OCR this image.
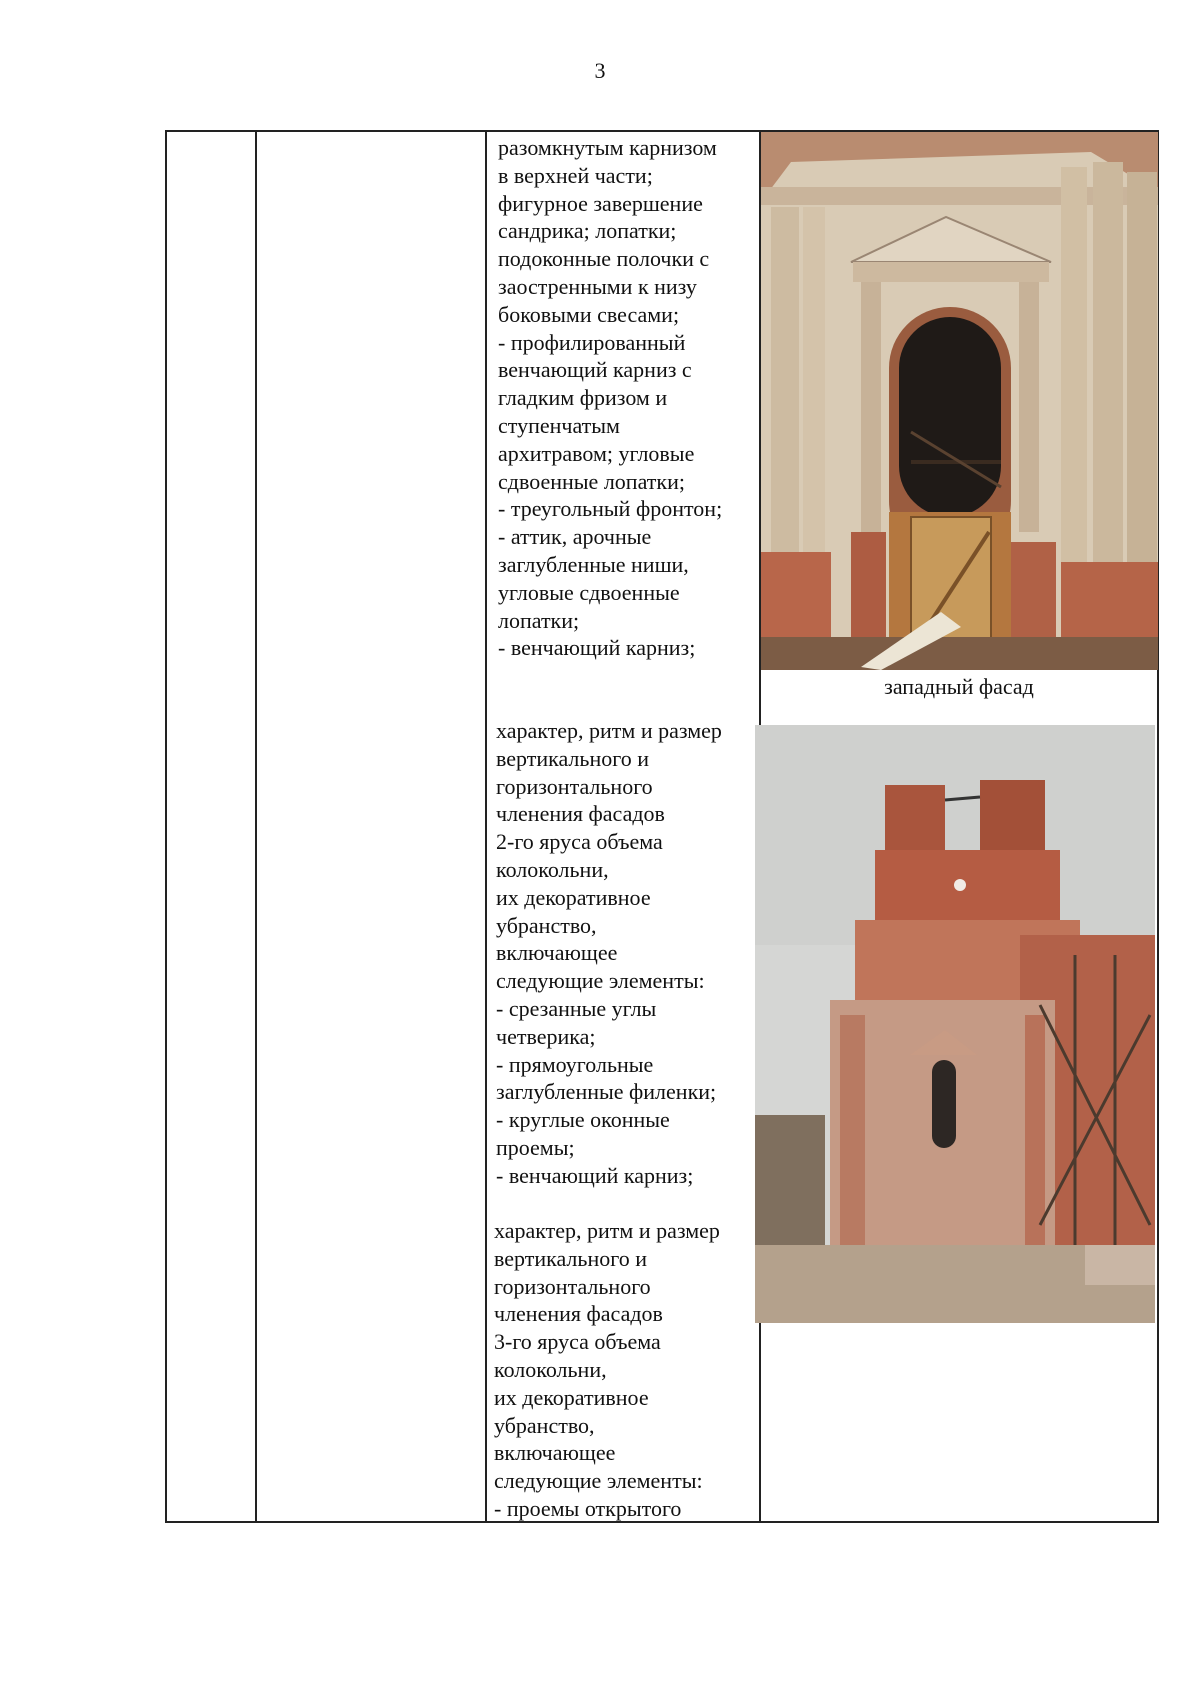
3
разомкнутым карнизом
в верхней части;
фигурное завершение
сандрика; лопатки;
подоконные полочки с
заостренными к низу
боковыми свесами;
- профилированный
венчающий карниз с
гладким фризом и
ступенчатым
архитравом; угловые
сдвоенные лопатки;
- треугольный фронтон;
- аттик, арочные
заглубленные ниши,
угловые сдвоенные
лопатки;
- венчающий карниз;
характер, ритм и размер
вертикального и
горизонтального
членения фасадов
2-го яруса объема
колокольни,
их декоративное
убранство,
включающее
следующие элементы:
- срезанные углы
четверика;
- прямоугольные
заглубленные филенки;
- круглые оконные
проемы;
- венчающий карниз;
характер, ритм и размер
вертикального и
горизонтального
членения фасадов
3-го яруса объема
колокольни,
их декоративное
убранство,
включающее
следующие элементы:
- проемы открытого
западный фасад
